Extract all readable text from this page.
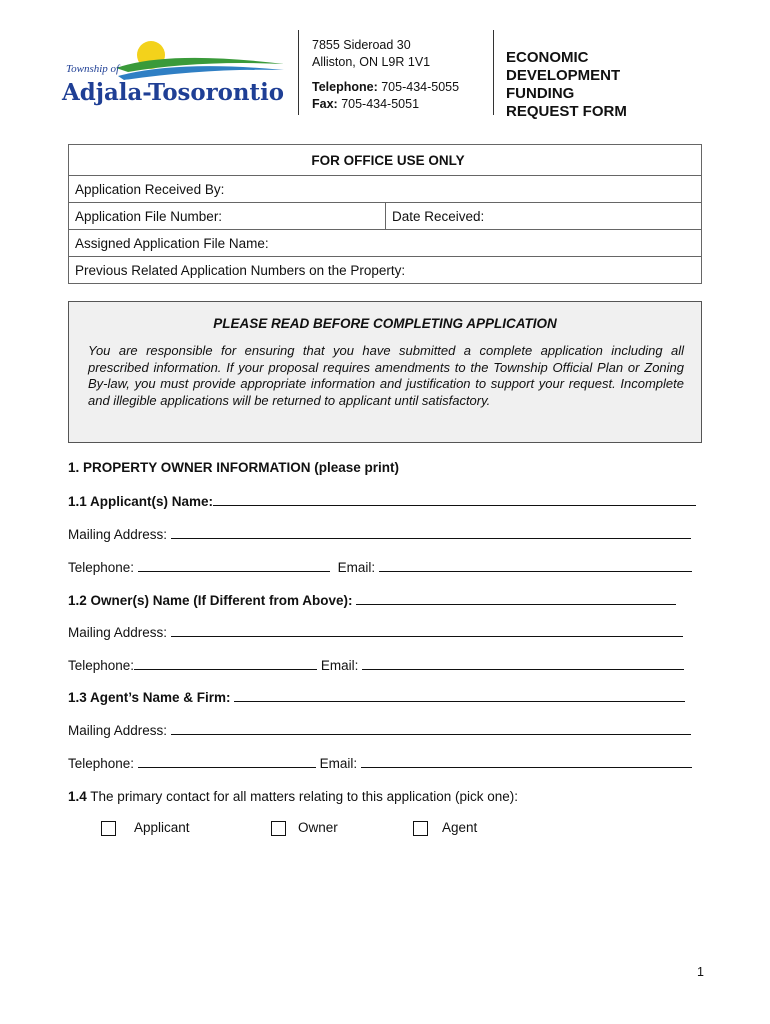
Township of
Adjala-Tosorontio
7855 Sideroad 30
Alliston, ON L9R 1V1
Telephone: 705-434-5055
Fax: 705-434-5051
ECONOMIC
DEVELOPMENT
FUNDING
REQUEST FORM
FOR OFFICE USE ONLY
Application Received By:
Application File Number:	Date Received:
Assigned Application File Name:
Previous Related Application Numbers on the Property:
PLEASE READ BEFORE COMPLETING APPLICATION

You are responsible for ensuring that you have submitted a complete application including all prescribed information. If your proposal requires amendments to the Township Official Plan or Zoning By-law, you must provide appropriate information and justification to support your request. Incomplete and illegible applications will be returned to applicant until satisfactory.

1. PROPERTY OWNER INFORMATION (please print)
1.1 Applicant(s) Name:
Mailing Address:
Telephone:	Email:
1.2 Owner(s) Name (If Different from Above):
Mailing Address:
Telephone:	Email:
1.3 Agent’s Name & Firm:
Mailing Address:
Telephone:	Email:
1.4 The primary contact for all matters relating to this application (pick one):
Applicant	Owner	Agent
1
